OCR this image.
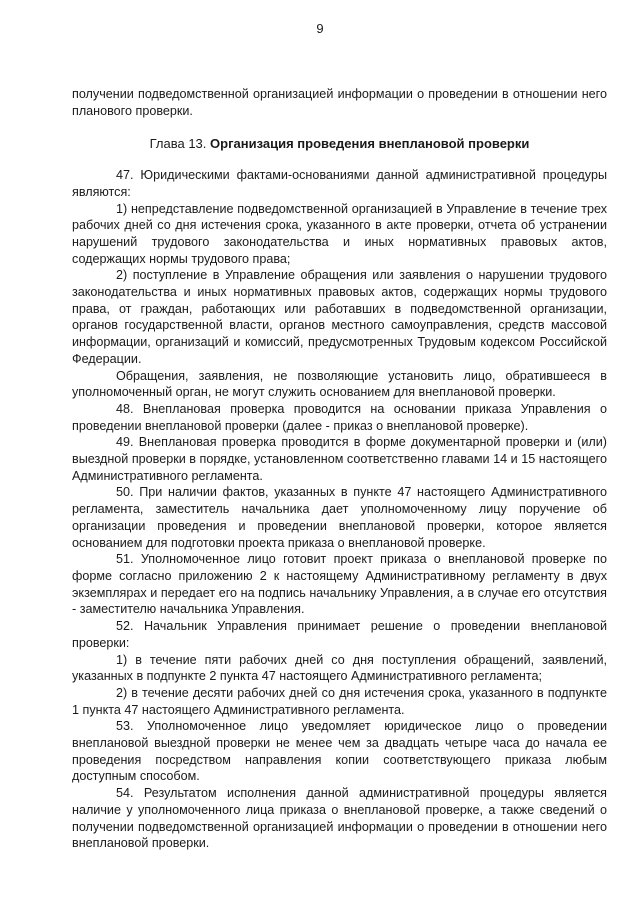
9

получении подведомственной организацией информации о проведении в отношении него планового проверки.

Глава 13. Организация проведения внеплановой проверки

47. Юридическими фактами-основаниями данной административной процедуры являются:

1) непредставление подведомственной организацией в Управление в течение трех рабочих дней со дня истечения срока, указанного в акте проверки, отчета об устранении нарушений трудового законодательства и иных нормативных правовых актов, содержащих нормы трудового права;

2) поступление в Управление обращения или заявления о нарушении трудового законодательства и иных нормативных правовых актов, содержащих нормы трудового права, от граждан, работающих или работавших в подведомственной организации, органов государственной власти, органов местного самоуправления, средств массовой информации, организаций и комиссий, предусмотренных Трудовым кодексом Российской Федерации.

Обращения, заявления, не позволяющие установить лицо, обратившееся в уполномоченный орган, не могут служить основанием для внеплановой проверки.

48. Внеплановая проверка проводится на основании приказа Управления о проведении внеплановой проверки (далее - приказ о внеплановой проверке).

49. Внеплановая проверка проводится в форме документарной проверки и (или) выездной проверки в порядке, установленном соответственно главами 14 и 15 настоящего Административного регламента.

50. При наличии фактов, указанных в пункте 47 настоящего Административного регламента, заместитель начальника дает уполномоченному лицу поручение об организации проведения и проведении внеплановой проверки, которое является основанием для подготовки проекта приказа о внеплановой проверке.

51. Уполномоченное лицо готовит проект приказа о внеплановой проверке по форме согласно приложению 2 к настоящему Административному регламенту в двух экземплярах и передает его на подпись начальнику Управления, а в случае его отсутствия - заместителю начальника Управления.

52. Начальник Управления принимает решение о проведении внеплановой проверки:

1) в течение пяти рабочих дней со дня поступления обращений, заявлений, указанных в подпункте 2 пункта 47 настоящего Административного регламента;

2) в течение десяти рабочих дней со дня истечения срока, указанного в подпункте 1 пункта 47 настоящего Административного регламента.

53. Уполномоченное лицо уведомляет юридическое лицо о проведении внеплановой выездной проверки не менее чем за двадцать четыре часа до начала ее проведения посредством направления копии соответствующего приказа любым доступным способом.

54. Результатом исполнения данной административной процедуры является наличие у уполномоченного лица приказа о внеплановой проверке, а также сведений о получении подведомственной организацией информации о проведении в отношении него внеплановой проверки.
